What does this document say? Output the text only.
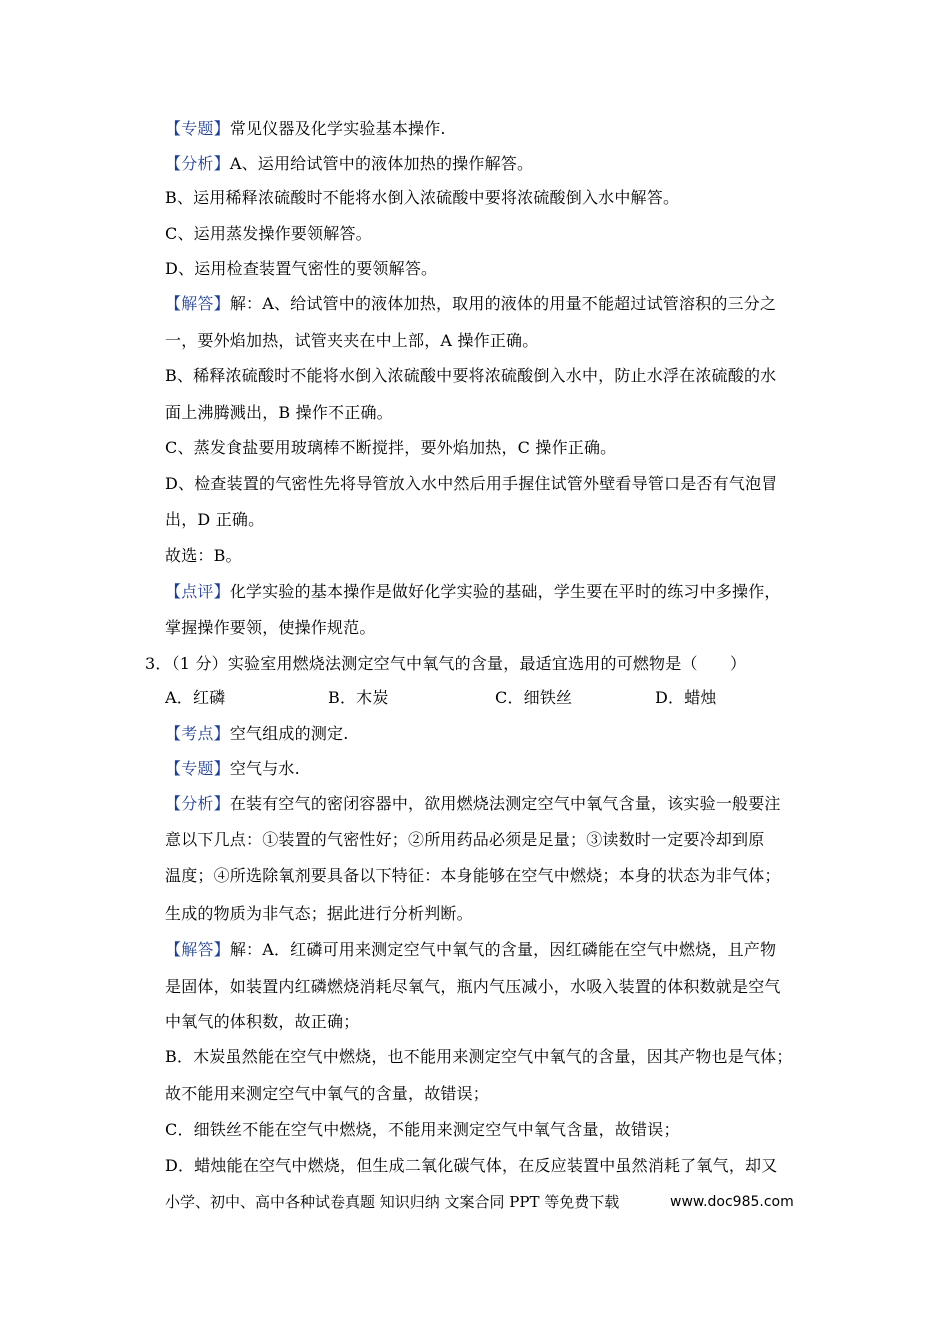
【专题】常见仪器及化学实验基本操作.
【分析】A、运用给试管中的液体加热的操作解答。
B、运用稀释浓硫酸时不能将水倒入浓硫酸中要将浓硫酸倒入水中解答。
C、运用蒸发操作要领解答。
D、运用检查装置气密性的要领解答。
【解答】解：A、给试管中的液体加热，取用的液体的用量不能超过试管溶积的三分之
一，要外焰加热，试管夹夹在中上部，A 操作正确。
B、稀释浓硫酸时不能将水倒入浓硫酸中要将浓硫酸倒入水中，防止水浮在浓硫酸的水
面上沸腾溅出，B 操作不正确。
C、蒸发食盐要用玻璃棒不断搅拌，要外焰加热，C 操作正确。
D、检查装置的气密性先将导管放入水中然后用手握住试管外壁看导管口是否有气泡冒
出，D 正确。
故选：B。
【点评】化学实验的基本操作是做好化学实验的基础，学生要在平时的练习中多操作，
掌握操作要领，使操作规范。
3．（1 分）实验室用燃烧法测定空气中氧气的含量，最适宜选用的可燃物是（　　）
A．红磷	B．木炭	C．细铁丝	D．蜡烛
【考点】空气组成的测定.
【专题】空气与水.
【分析】在装有空气的密闭容器中，欲用燃烧法测定空气中氧气含量，该实验一般要注
意以下几点：①装置的气密性好；②所用药品必须是足量；③读数时一定要冷却到原
温度；④所选除氧剂要具备以下特征：本身能够在空气中燃烧；本身的状态为非气体；
生成的物质为非气态；据此进行分析判断。
【解答】解：A．红磷可用来测定空气中氧气的含量，因红磷能在空气中燃烧，且产物
是固体，如装置内红磷燃烧消耗尽氧气，瓶内气压减小，水吸入装置的体积数就是空气
中氧气的体积数，故正确；
B．木炭虽然能在空气中燃烧，也不能用来测定空气中氧气的含量，因其产物也是气体；
故不能用来测定空气中氧气的含量，故错误；
C．细铁丝不能在空气中燃烧，不能用来测定空气中氧气含量，故错误；
D．蜡烛能在空气中燃烧，但生成二氧化碳气体，在反应装置中虽然消耗了氧气，却又
小学、初中、高中各种试卷真题 知识归纳 文案合同 PPT 等免费下载	www.doc985.com
